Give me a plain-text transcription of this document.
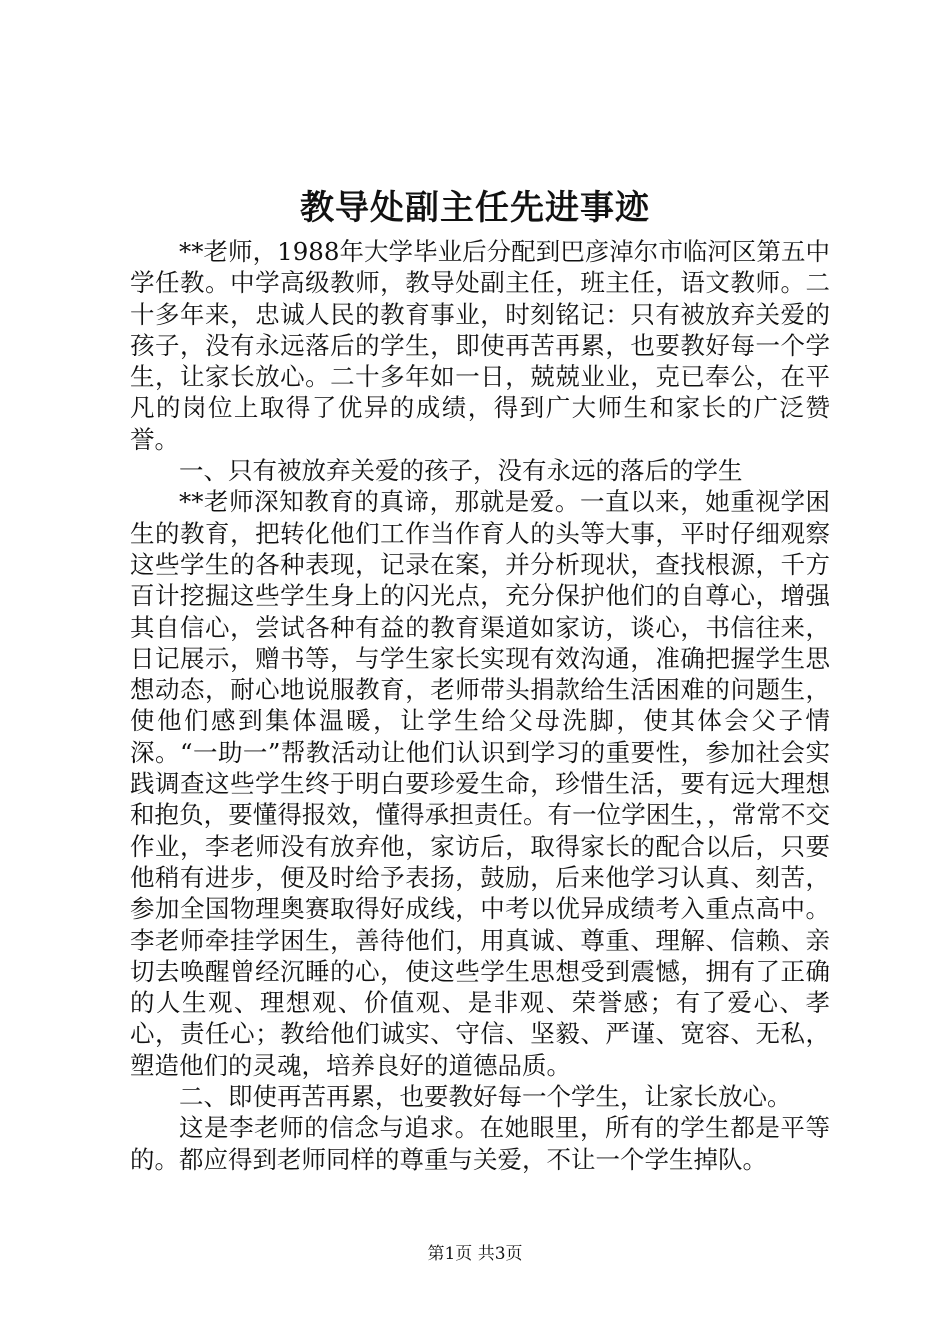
教导处副主任先进事迹

**老师，1988年大学毕业后分配到巴彦淖尔市临河区第五中学任教。中学高级教师，教导处副主任，班主任，语文教师。二十多年来，忠诚人民的教育事业，时刻铭记：只有被放弃关爱的孩子，没有永远落后的学生，即使再苦再累，也要教好每一个学生，让家长放心。二十多年如一日，兢兢业业，克已奉公，在平凡的岗位上取得了优异的成绩，得到广大师生和家长的广泛赞誉。

一、只有被放弃关爱的孩子，没有永远的落后的学生

**老师深知教育的真谛，那就是爱。一直以来，她重视学困生的教育，把转化他们工作当作育人的头等大事，平时仔细观察这些学生的各种表现，记录在案，并分析现状，查找根源，千方百计挖掘这些学生身上的闪光点，充分保护他们的自尊心，增强其自信心，尝试各种有益的教育渠道如家访，谈心，书信往来，日记展示，赠书等，与学生家长实现有效沟通，准确把握学生思想动态，耐心地说服教育，老师带头捐款给生活困难的问题生，使他们感到集体温暖，让学生给父母洗脚，使其体会父子情深。“一助一”帮教活动让他们认识到学习的重要性，参加社会实践调查这些学生终于明白要珍爱生命，珍惜生活，要有远大理想和抱负，要懂得报效，懂得承担责任。有一位学困生，，常常不交作业，李老师没有放弃他，家访后，取得家长的配合以后，只要他稍有进步，便及时给予表扬，鼓励，后来他学习认真、刻苦，参加全国物理奥赛取得好成线，中考以优异成绩考入重点高中。李老师牵挂学困生，善待他们，用真诚、尊重、理解、信赖、亲切去唤醒曾经沉睡的心，使这些学生思想受到震憾，拥有了正确的人生观、理想观、价值观、是非观、荣誉感；有了爱心、孝心，责任心；教给他们诚实、守信、坚毅、严谨、宽容、无私，塑造他们的灵魂，培养良好的道德品质。

二、即使再苦再累，也要教好每一个学生，让家长放心。

这是李老师的信念与追求。在她眼里，所有的学生都是平等的。都应得到老师同样的尊重与关爱，不让一个学生掉队。

第1页 共3页
